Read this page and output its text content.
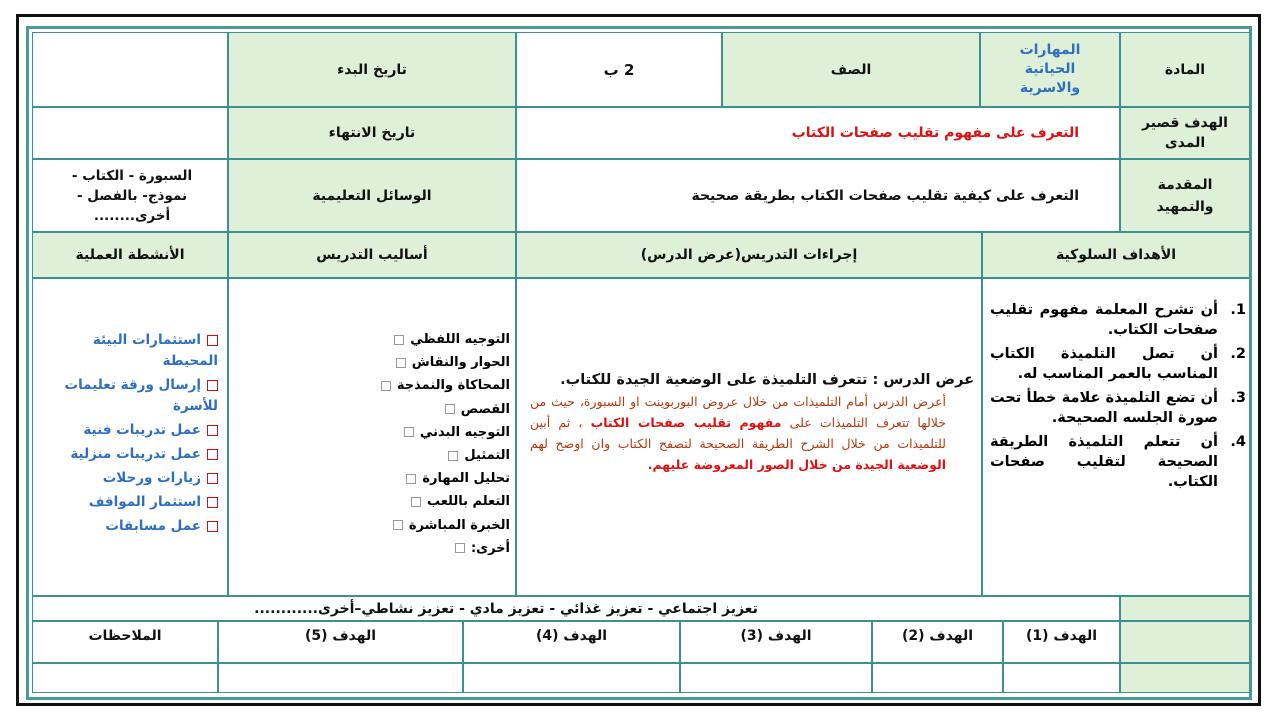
المادة
المهارات الحياتية والاسرية
الصف
2 ب
تاريخ البدء
الهدف قصير المدى
التعرف على مفهوم تقليب صفحات الكتاب
تاريخ الانتهاء
المقدمة والتمهيد
التعرف على كيفية تقليب صفحات الكتاب بطريقة صحيحة
الوسائل التعليمية
السبورة - الكتاب - نموذج- بالفصل - أخرى........
الأهداف السلوكية
إجراءات التدريس(عرض الدرس)
أساليب التدريس
الأنشطة العملية
1.
أن تشرح المعلمة مفهوم تقليب صفحات الكتاب.
2.
أن تصل التلميذة الكتاب المناسب بالعمر المناسب له.
3.
أن تضع التلميذة علامة خطأ تحت صورة الجلسه الصحيحة.
4.
أن تتعلم التلميذة الطريقة الصحيحة لتقليب صفحات الكتاب.
عرض الدرس : تتعرف التلميذة على الوضعية الجيدة للكتاب.
أعرض الدرس أمام التلميذات من خلال عروض البوربوينت او السبورة، حيث من خلالها تتعرف التلميذات على مفهوم تقليب صفحات الكتاب ، ثم أبين للتلميذات من خلال الشرح الطريقة الصحيحة لتصفح الكتاب وان اوضح لهم الوضعية الجيدة من خلال الصور المعروضة عليهم.
التوجيه اللفظي
الحوار والنقاش
المحاكاة والنمذجة
القصص
التوجيه البدني
التمثيل
تحليل المهارة
التعلم باللعب
الخبرة المباشرة
أخرى:
استثمارات البيئة المحيطة
إرسال ورقة تعليمات للأسرة
عمل تدريبات فنية
عمل تدريبات منزلية
زيارات ورحلات
استثمار المواقف
عمل مسابقات
تعزيز اجتماعي - تعزيز غذائي - تعزيز مادي - تعزيز نشاطي–أخرى............
الهدف (1)
الهدف (2)
الهدف (3)
الهدف (4)
الهدف (5)
الملاحظات
